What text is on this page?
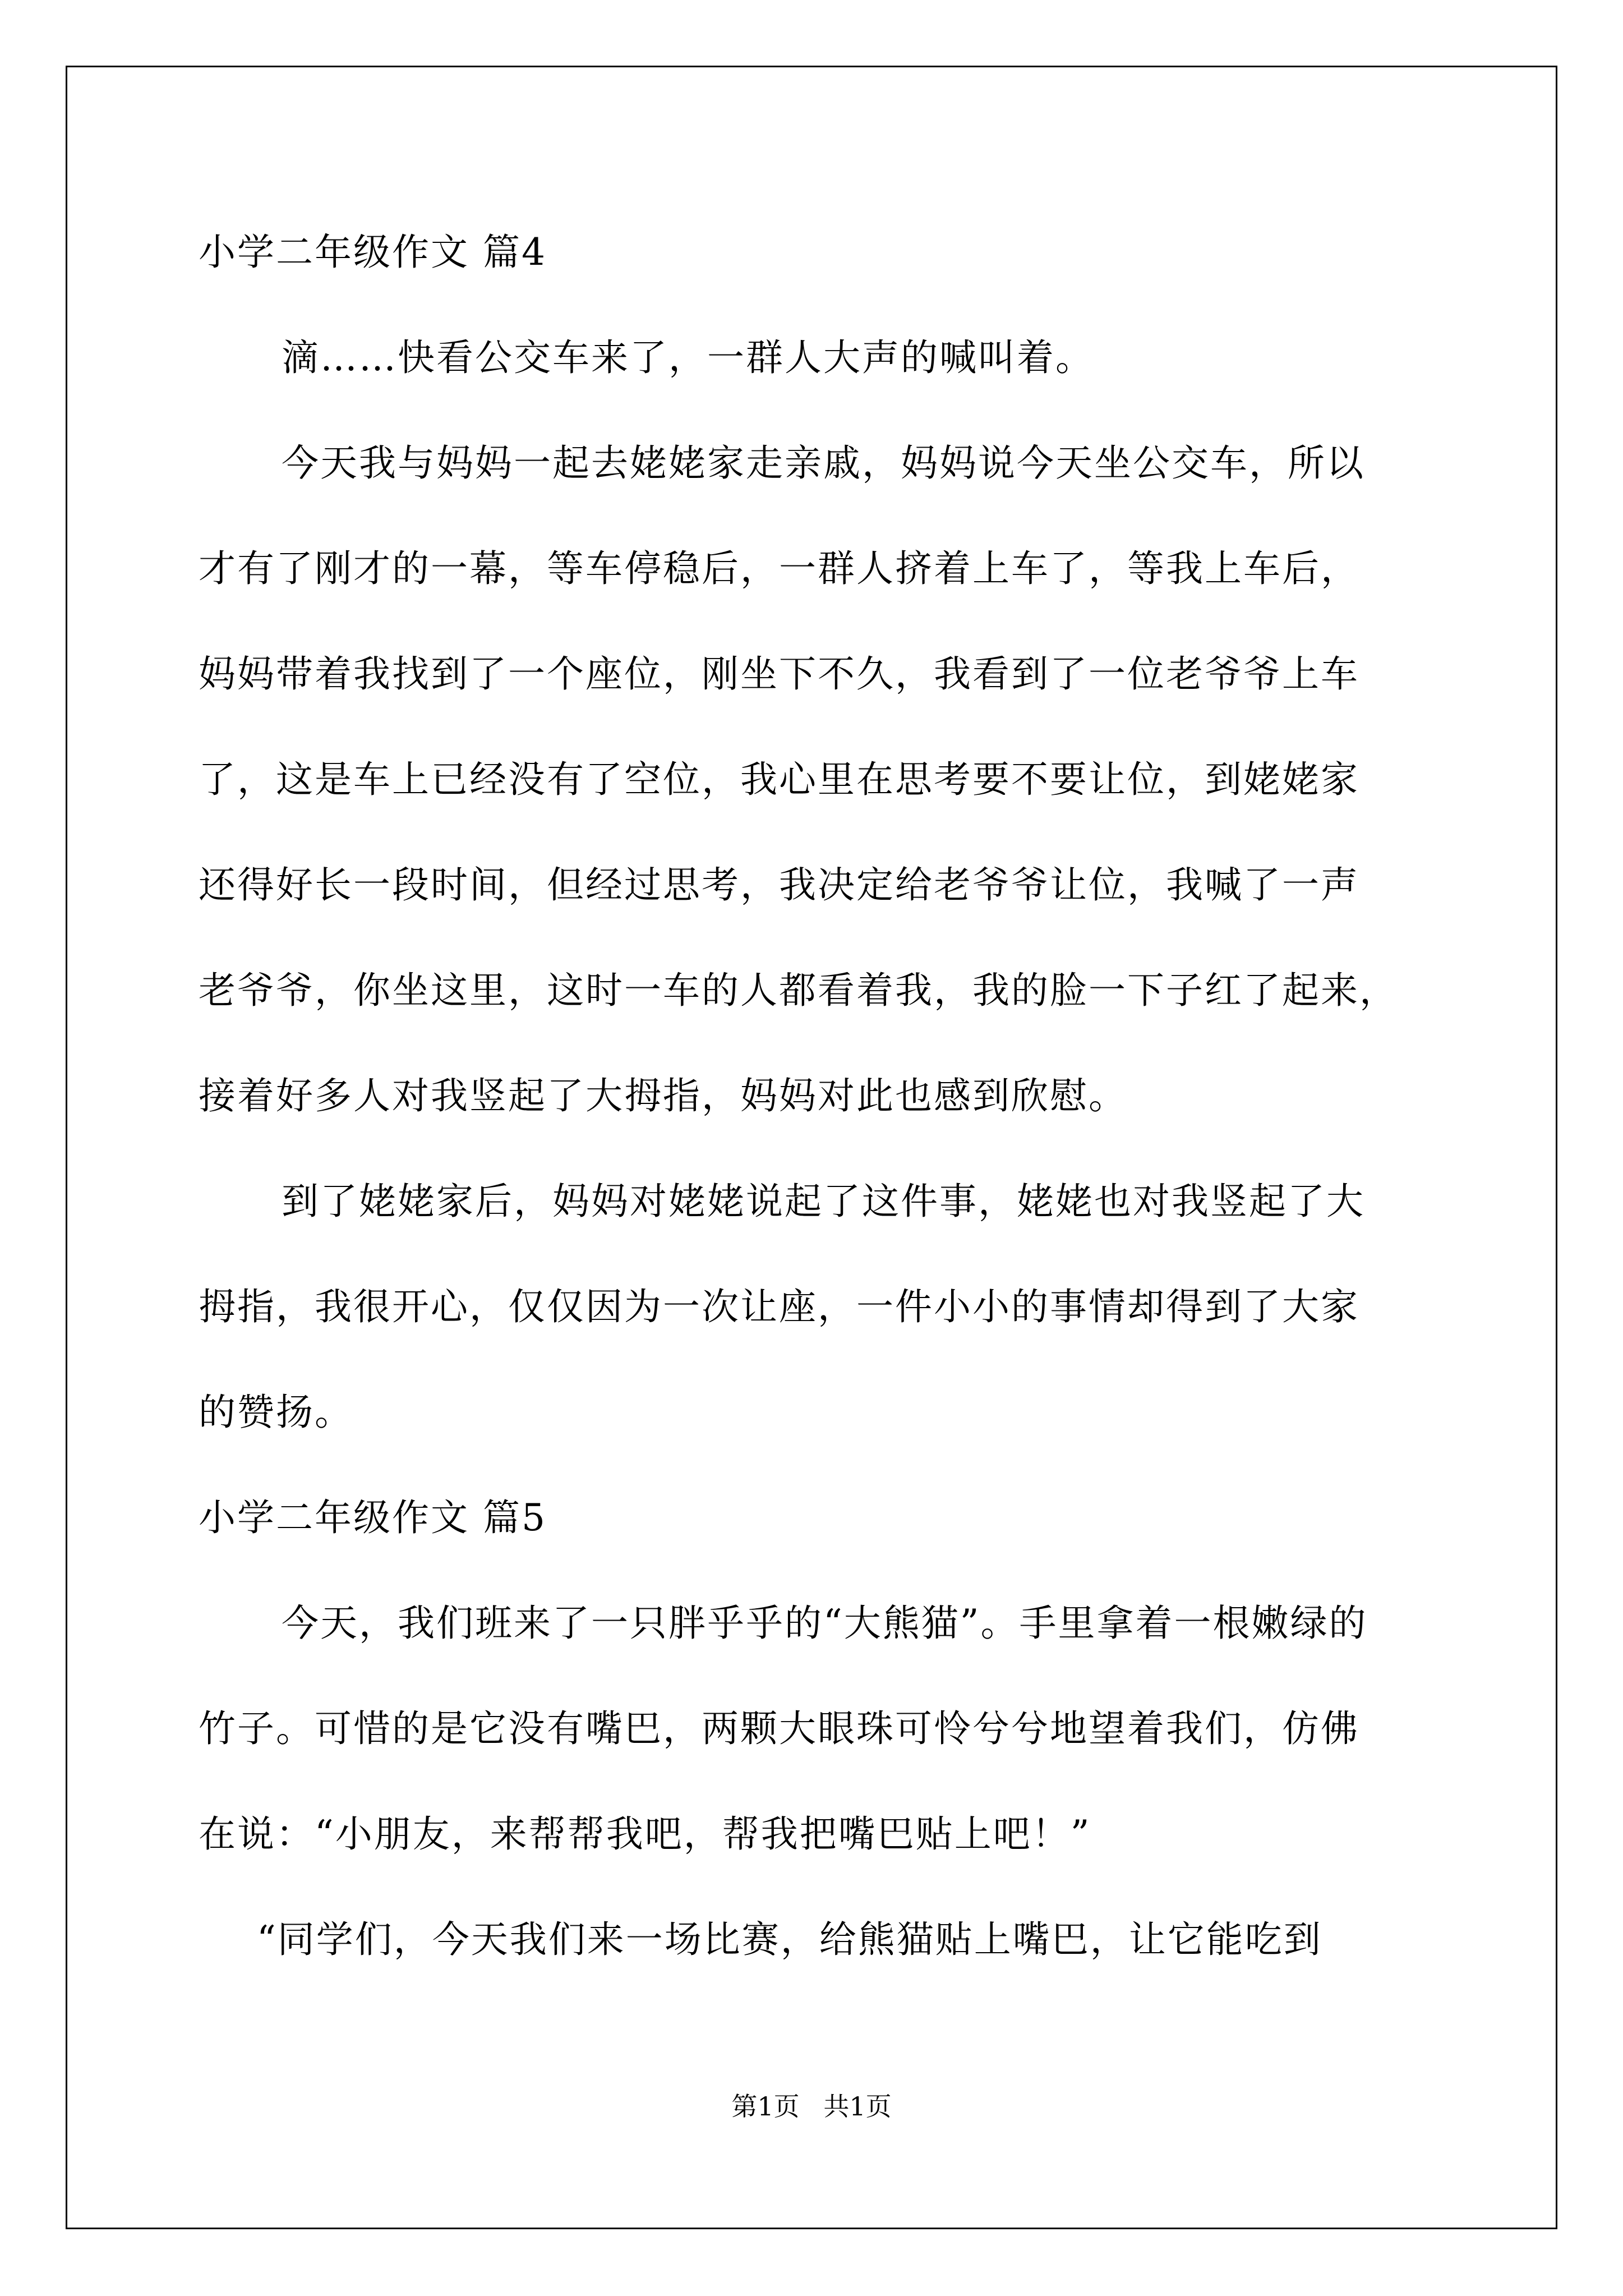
小学二年级作文 篇4
滴……快看公交车来了，一群人大声的喊叫着。
今天我与妈妈一起去姥姥家走亲戚，妈妈说今天坐公交车，所以
才有了刚才的一幕，等车停稳后，一群人挤着上车了，等我上车后，
妈妈带着我找到了一个座位，刚坐下不久，我看到了一位老爷爷上车
了，这是车上已经没有了空位，我心里在思考要不要让位，到姥姥家
还得好长一段时间，但经过思考，我决定给老爷爷让位，我喊了一声
老爷爷，你坐这里，这时一车的人都看着我，我的脸一下子红了起来，
接着好多人对我竖起了大拇指，妈妈对此也感到欣慰。
到了姥姥家后，妈妈对姥姥说起了这件事，姥姥也对我竖起了大
拇指，我很开心，仅仅因为一次让座，一件小小的事情却得到了大家
的赞扬。
小学二年级作文 篇5
今天，我们班来了一只胖乎乎的“大熊猫”。手里拿着一根嫩绿的
竹子。可惜的是它没有嘴巴，两颗大眼珠可怜兮兮地望着我们，仿佛
在说：“小朋友，来帮帮我吧，帮我把嘴巴贴上吧！”
“同学们，今天我们来一场比赛，给熊猫贴上嘴巴，让它能吃到
第1页 共1页
